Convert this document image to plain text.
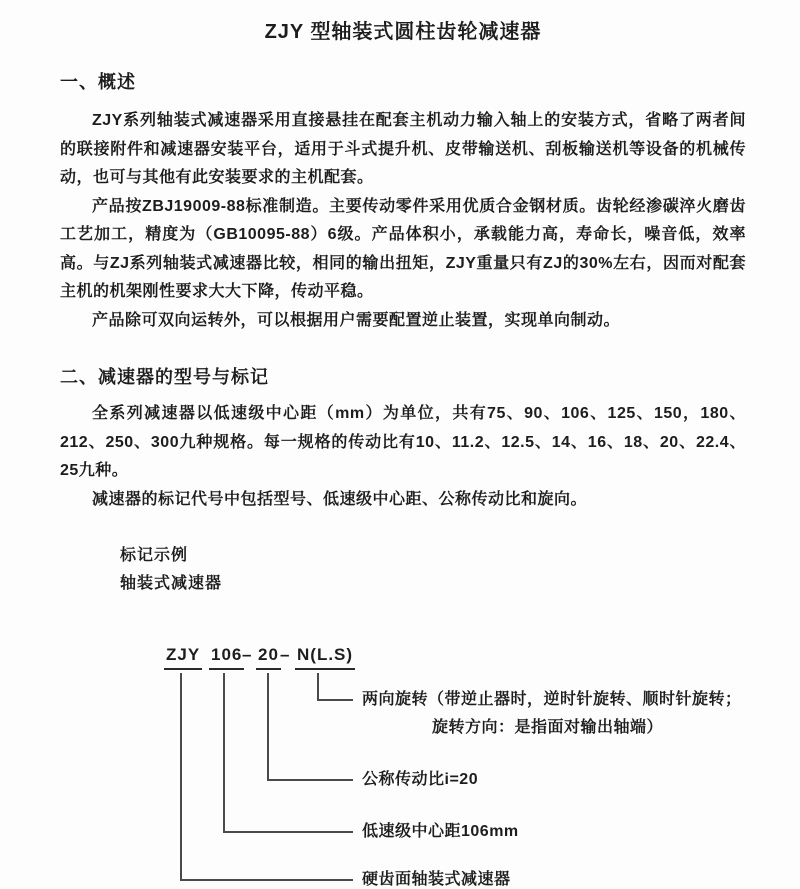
ZJY 型轴装式圆柱齿轮减速器
一、概述

ZJY系列轴装式减速器采用直接悬挂在配套主机动力输入轴上的安装方式，省略了两者间的联接附件和减速器安装平台，适用于斗式提升机、皮带输送机、刮板输送机等设备的机械传动，也可与其他有此安装要求的主机配套。

产品按ZBJ19009-88标准制造。主要传动零件采用优质合金钢材质。齿轮经渗碳淬火磨齿工艺加工，精度为（GB10095-88）6级。产品体积小，承载能力高，寿命长，噪音低，效率高。与ZJ系列轴装式减速器比较，相同的输出扭矩，ZJY重量只有ZJ的30%左右，因而对配套主机的机架刚性要求大大下降，传动平稳。

产品除可双向运转外，可以根据用户需要配置逆止装置，实现单向制动。

二、减速器的型号与标记

全系列减速器以低速级中心距（mm）为单位，共有75、90、106、125、150，180、212、250、300九种规格。每一规格的传动比有10、11.2、12.5、14、16、18、20、22.4、25九种。

减速器的标记代号中包括型号、低速级中心距、公称传动比和旋向。

标记示例
轴装式减速器
ZJY 106 – 20 – N(L.S)
两向旋转（带逆止器时，逆时针旋转、顺时针旋转；
旋转方向：是指面对输出轴端）
公称传动比i=20
低速级中心距106mm
硬齿面轴装式减速器
